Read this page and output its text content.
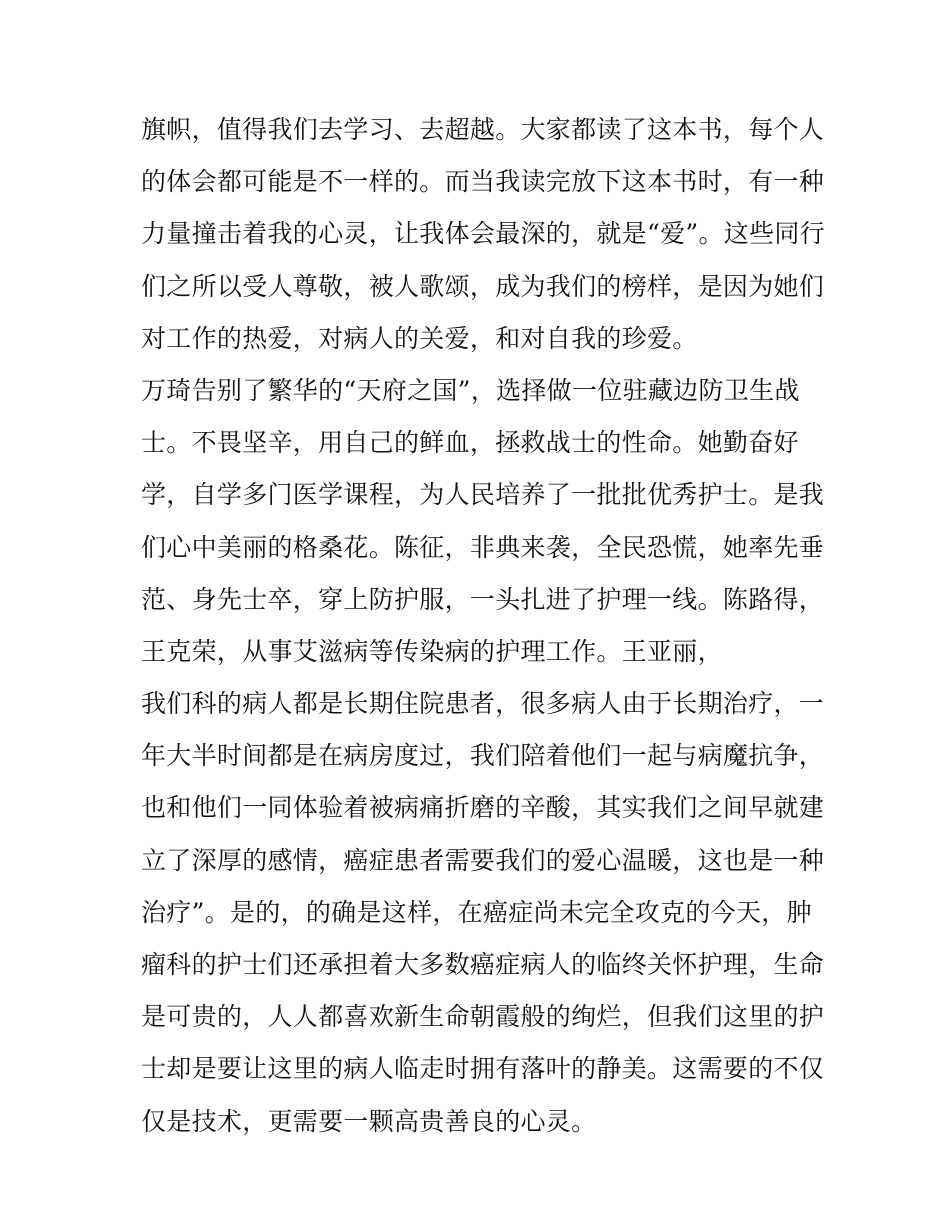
旗帜，值得我们去学习、去超越。大家都读了这本书，每个人
的体会都可能是不一样的。而当我读完放下这本书时，有一种
力量撞击着我的心灵，让我体会最深的，就是“爱”。这些同行
们之所以受人尊敬，被人歌颂，成为我们的榜样，是因为她们
对工作的热爱，对病人的关爱，和对自我的珍爱。
万琦告别了繁华的“天府之国”，选择做一位驻藏边防卫生战
士。不畏坚辛，用自己的鲜血，拯救战士的性命。她勤奋好
学，自学多门医学课程，为人民培养了一批批优秀护士。是我
们心中美丽的格桑花。陈征，非典来袭，全民恐慌，她率先垂
范、身先士卒，穿上防护服，一头扎进了护理一线。陈路得，
王克荣，从事艾滋病等传染病的护理工作。王亚丽，
我们科的病人都是长期住院患者，很多病人由于长期治疗，一
年大半时间都是在病房度过，我们陪着他们一起与病魔抗争，
也和他们一同体验着被病痛折磨的辛酸，其实我们之间早就建
立了深厚的感情，癌症患者需要我们的爱心温暖，这也是一种
治疗”。是的，的确是这样，在癌症尚未完全攻克的今天，肿
瘤科的护士们还承担着大多数癌症病人的临终关怀护理，生命
是可贵的，人人都喜欢新生命朝霞般的绚烂，但我们这里的护
士却是要让这里的病人临走时拥有落叶的静美。这需要的不仅
仅是技术，更需要一颗高贵善良的心灵。
